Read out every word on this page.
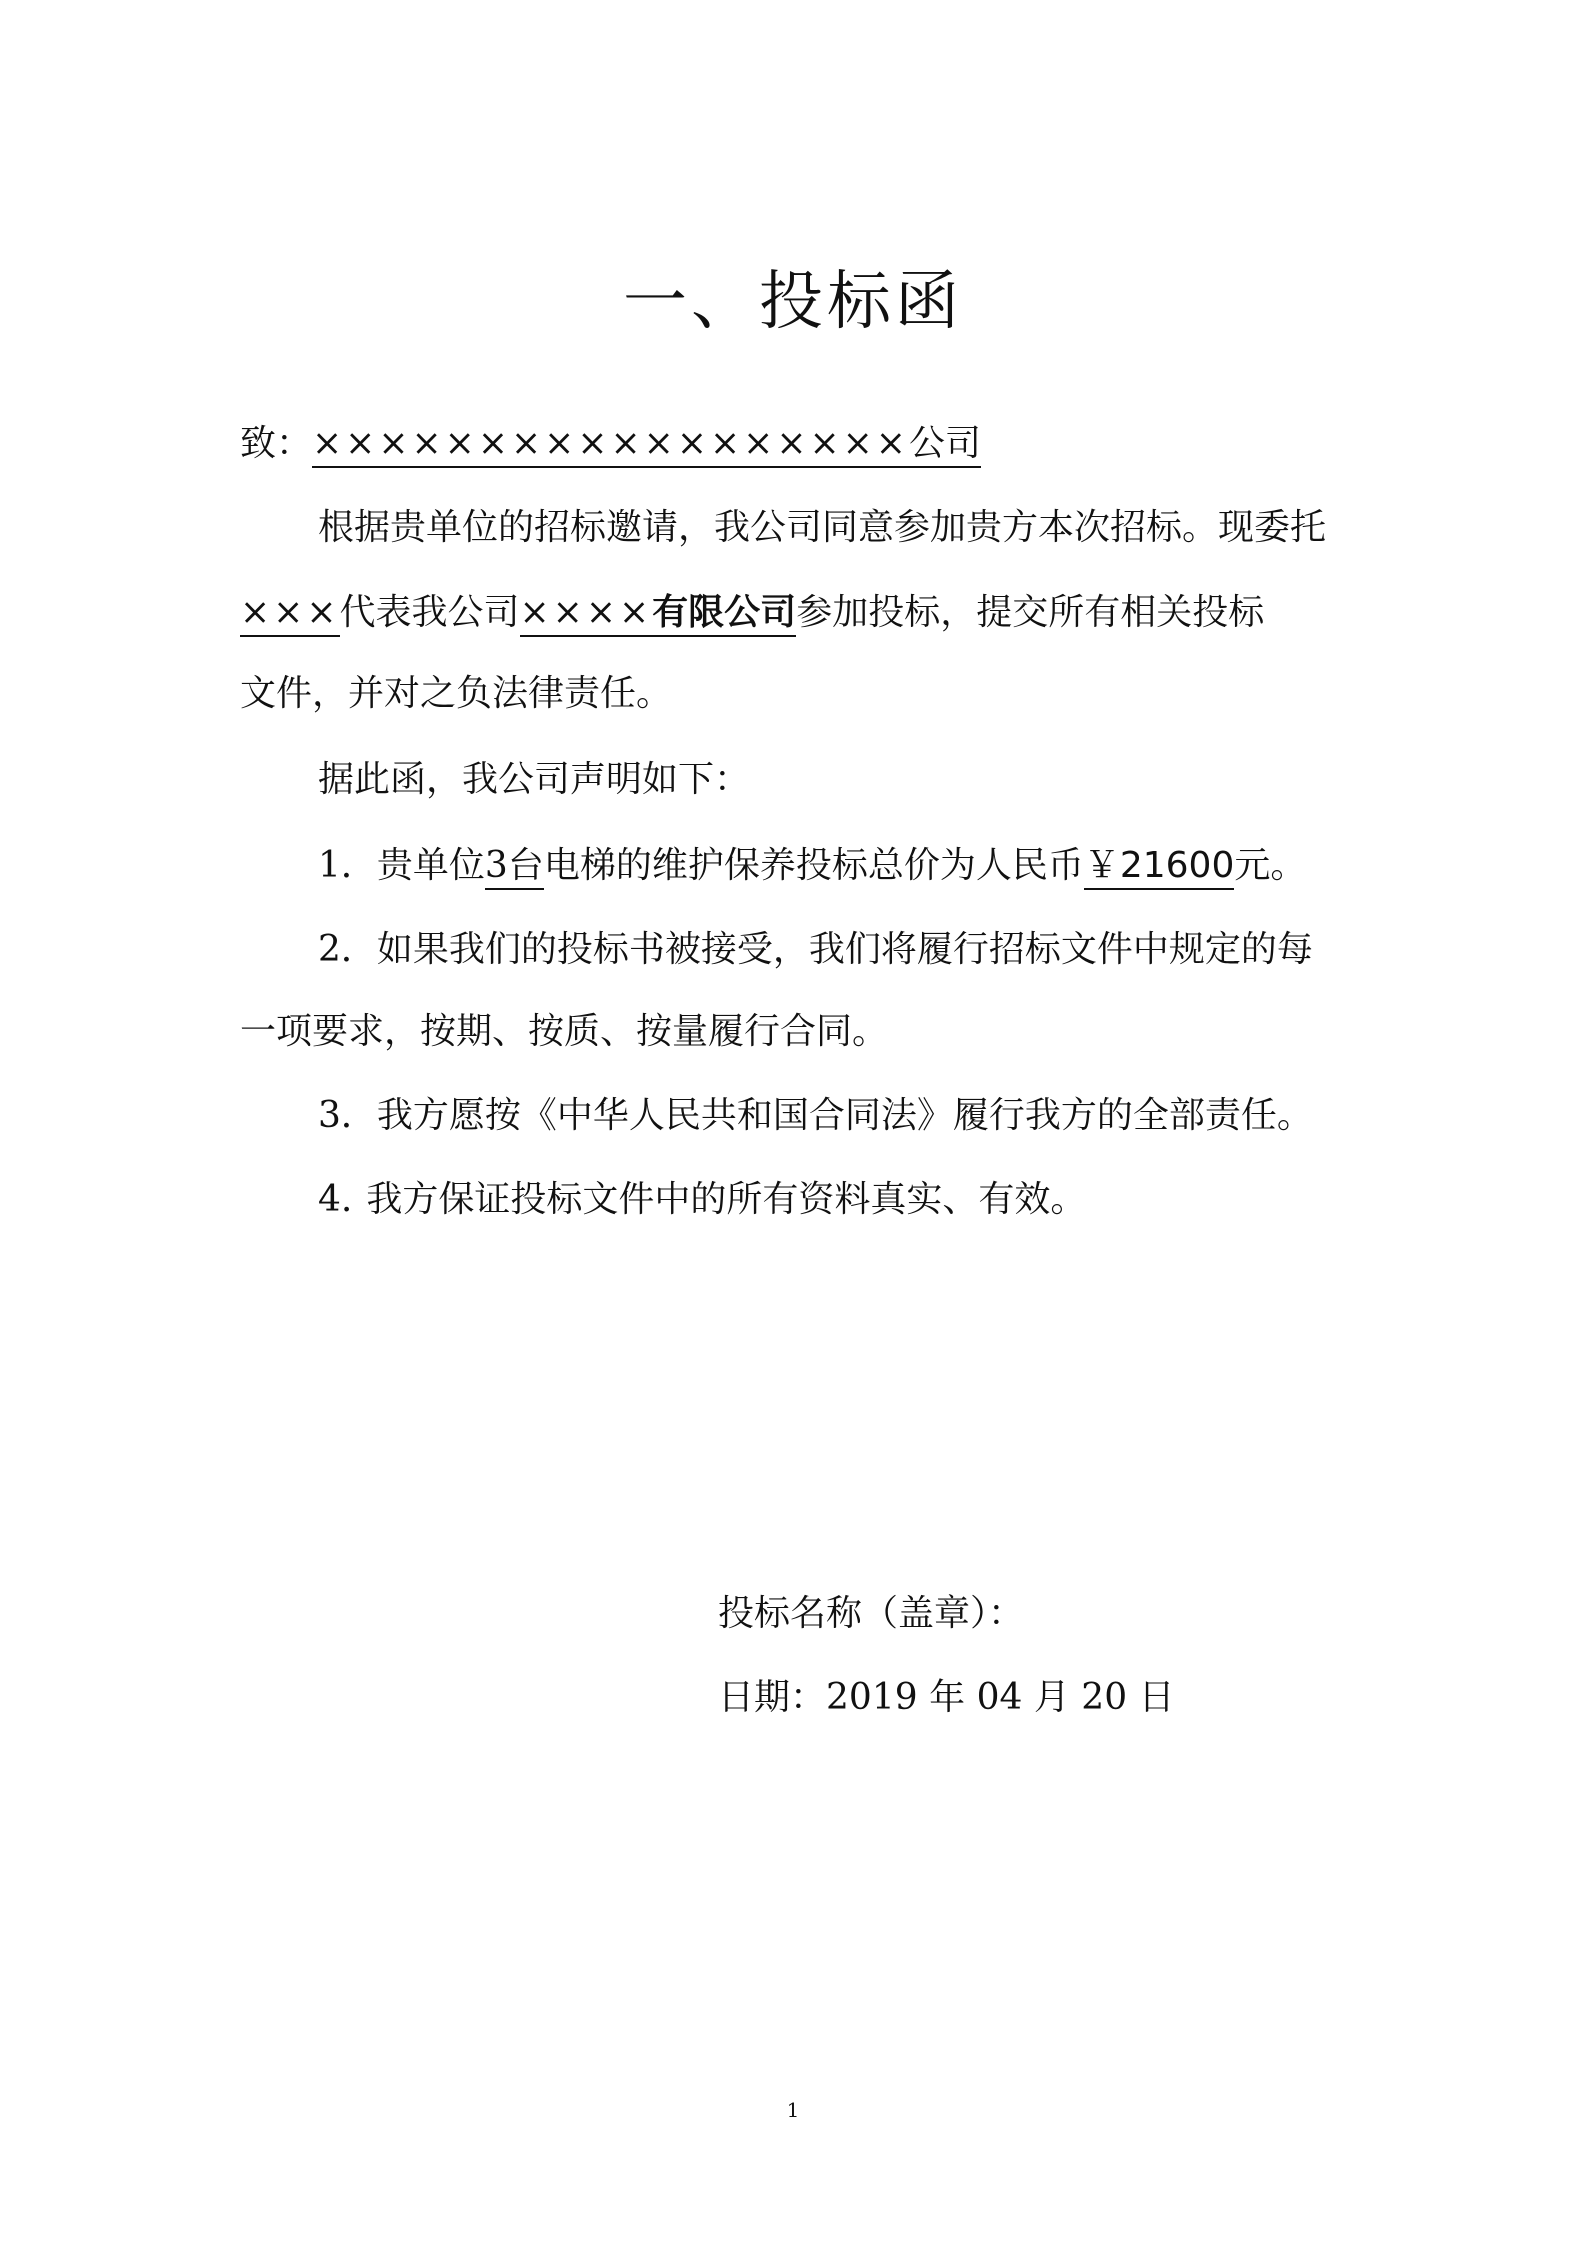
一、投标函
致：××××××××××××××××××公司
根据贵单位的招标邀请，我公司同意参加贵方本次招标。现委托
×××代表我公司××××有限公司参加投标，提交所有相关投标
文件，并对之负法律责任。
据此函，我公司声明如下：
1．贵单位3台电梯的维护保养投标总价为人民币￥21600元。
2．如果我们的投标书被接受，我们将履行招标文件中规定的每
一项要求，按期、按质、按量履行合同。
3．我方愿按《中华人民共和国合同法》履行我方的全部责任。
4. 我方保证投标文件中的所有资料真实、有效。
投标名称（盖章）：
日期：2019 年 04 月 20 日
1
